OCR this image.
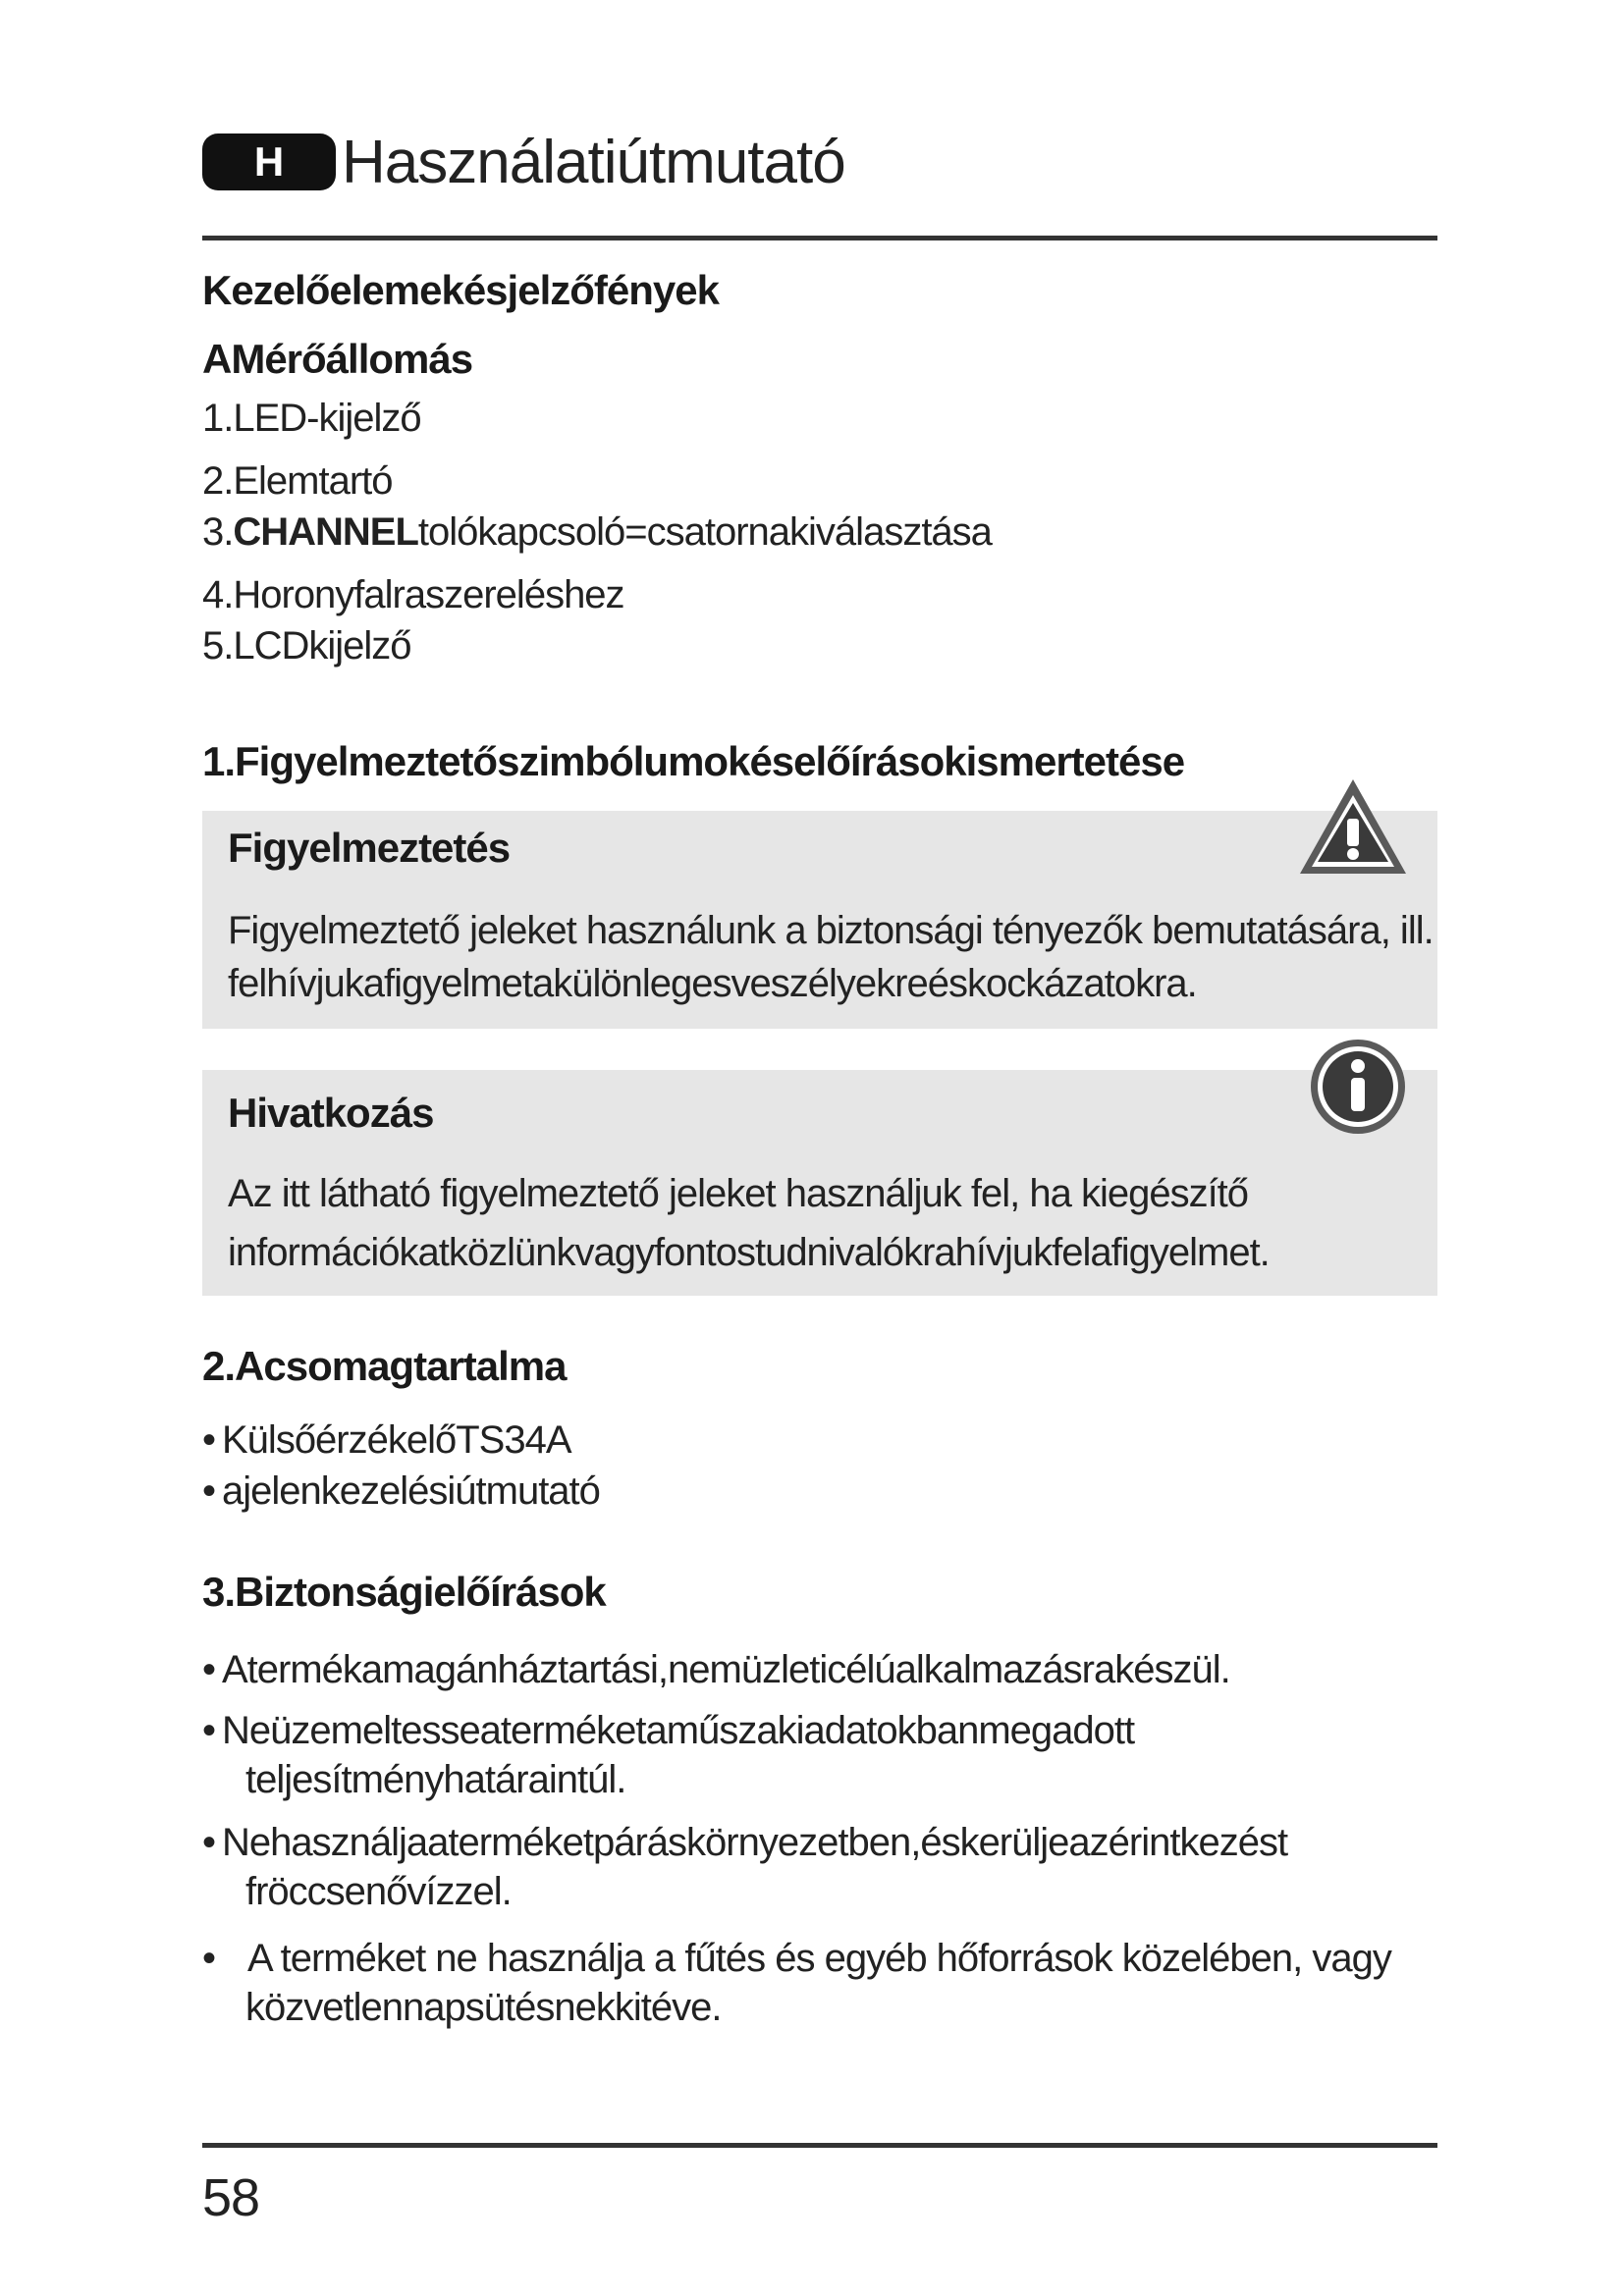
H Használatiútmutató
Kezelőelemekésjelzőfények
AMérőállomás

1.LED-kijelző

2.Elemtartó

3.CHANNELtolókapcsoló=csatornakiválasztása

4.Horonyfalraszereléshez

5.LCDkijelző

1.Figyelmeztetőszimbólumokéselőírásokismertetése
Figyelmeztetés
Figyelmeztető jeleket használunk a biztonsági tényezők bemutatására, ill.
felhívjukafigyelmetakülönlegesveszélyekreéskockázatokra.
Hivatkozás
Az itt látható figyelmeztető jeleket használjuk fel, ha kiegészítő
információkatközlünkvagyfontostudnivalókrahívjukfelafigyelmet.
2.Acsomagtartalma
• KülsőérzékelőTS34A
• ajelenkezelésiútmutató
3.Biztonságielőírások
• Atermékamagánháztartási,nemüzleticélúalkalmazásrakészül.
• Neüzemeltesseaterméketaműszakiadatokbanmegadott
teljesítményhatáraintúl.
• Nehasználjaaterméketpáráskörnyezetben,éskerüljeazérintkezést
fröccsenővízzel.
• A terméket ne használja a fűtés és egyéb hőforrások közelében, vagy
közvetlennapsütésnekkitéve.
58
